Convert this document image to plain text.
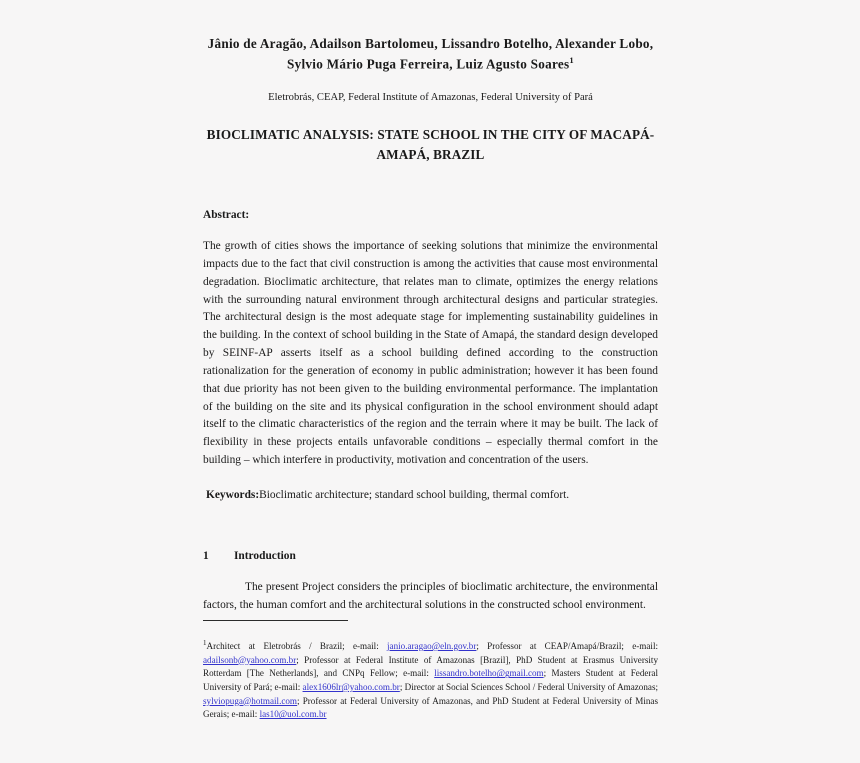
Jânio de Aragão, Adailson Bartolomeu, Lissandro Botelho, Alexander Lobo, Sylvio Mário Puga Ferreira, Luiz Agusto Soares$^1$
Eletrobrás, CEAP, Federal Institute of Amazonas, Federal University of Pará
BIOCLIMATIC ANALYSIS: STATE SCHOOL IN THE CITY OF MACAPÁ-AMAPÁ, BRAZIL
Abstract:
The growth of cities shows the importance of seeking solutions that minimize the environmental impacts due to the fact that civil construction is among the activities that cause most environmental degradation. Bioclimatic architecture, that relates man to climate, optimizes the energy relations with the surrounding natural environment through architectural designs and particular strategies. The architectural design is the most adequate stage for implementing sustainability guidelines in the building. In the context of school building in the State of Amapá, the standard design developed by SEINF-AP asserts itself as a school building defined according to the construction rationalization for the generation of economy in public administration; however it has been found that due priority has not been given to the building environmental performance. The implantation of the building on the site and its physical configuration in the school environment should adapt itself to the climatic characteristics of the region and the terrain where it may be built. The lack of flexibility in these projects entails unfavorable conditions – especially thermal comfort in the building – which interfere in productivity, motivation and concentration of the users.
Keywords:Bioclimatic architecture; standard school building, thermal comfort.
1	Introduction
The present Project considers the principles of bioclimatic architecture, the environmental factors, the human comfort and the architectural solutions in the constructed school environment.
$^1$Architect at Eletrobrás / Brazil; e-mail: janio.aragao@eln.gov.br; Professor at CEAP/Amapá/Brazil; e-mail: adailsonb@yahoo.com.br; Professor at Federal Institute of Amazonas [Brazil], PhD Student at Erasmus University Rotterdam [The Netherlands], and CNPq Fellow; e-mail: lissandro.botelho@gmail.com; Masters Student at Federal University of Pará; e-mail: alex1606lr@yahoo.com.br; Director at Social Sciences School / Federal University of Amazonas; sylviopuga@hotmail.com; Professor at Federal University of Amazonas, and PhD Student at Federal University of Minas Gerais; e-mail: las10@uol.com.br
